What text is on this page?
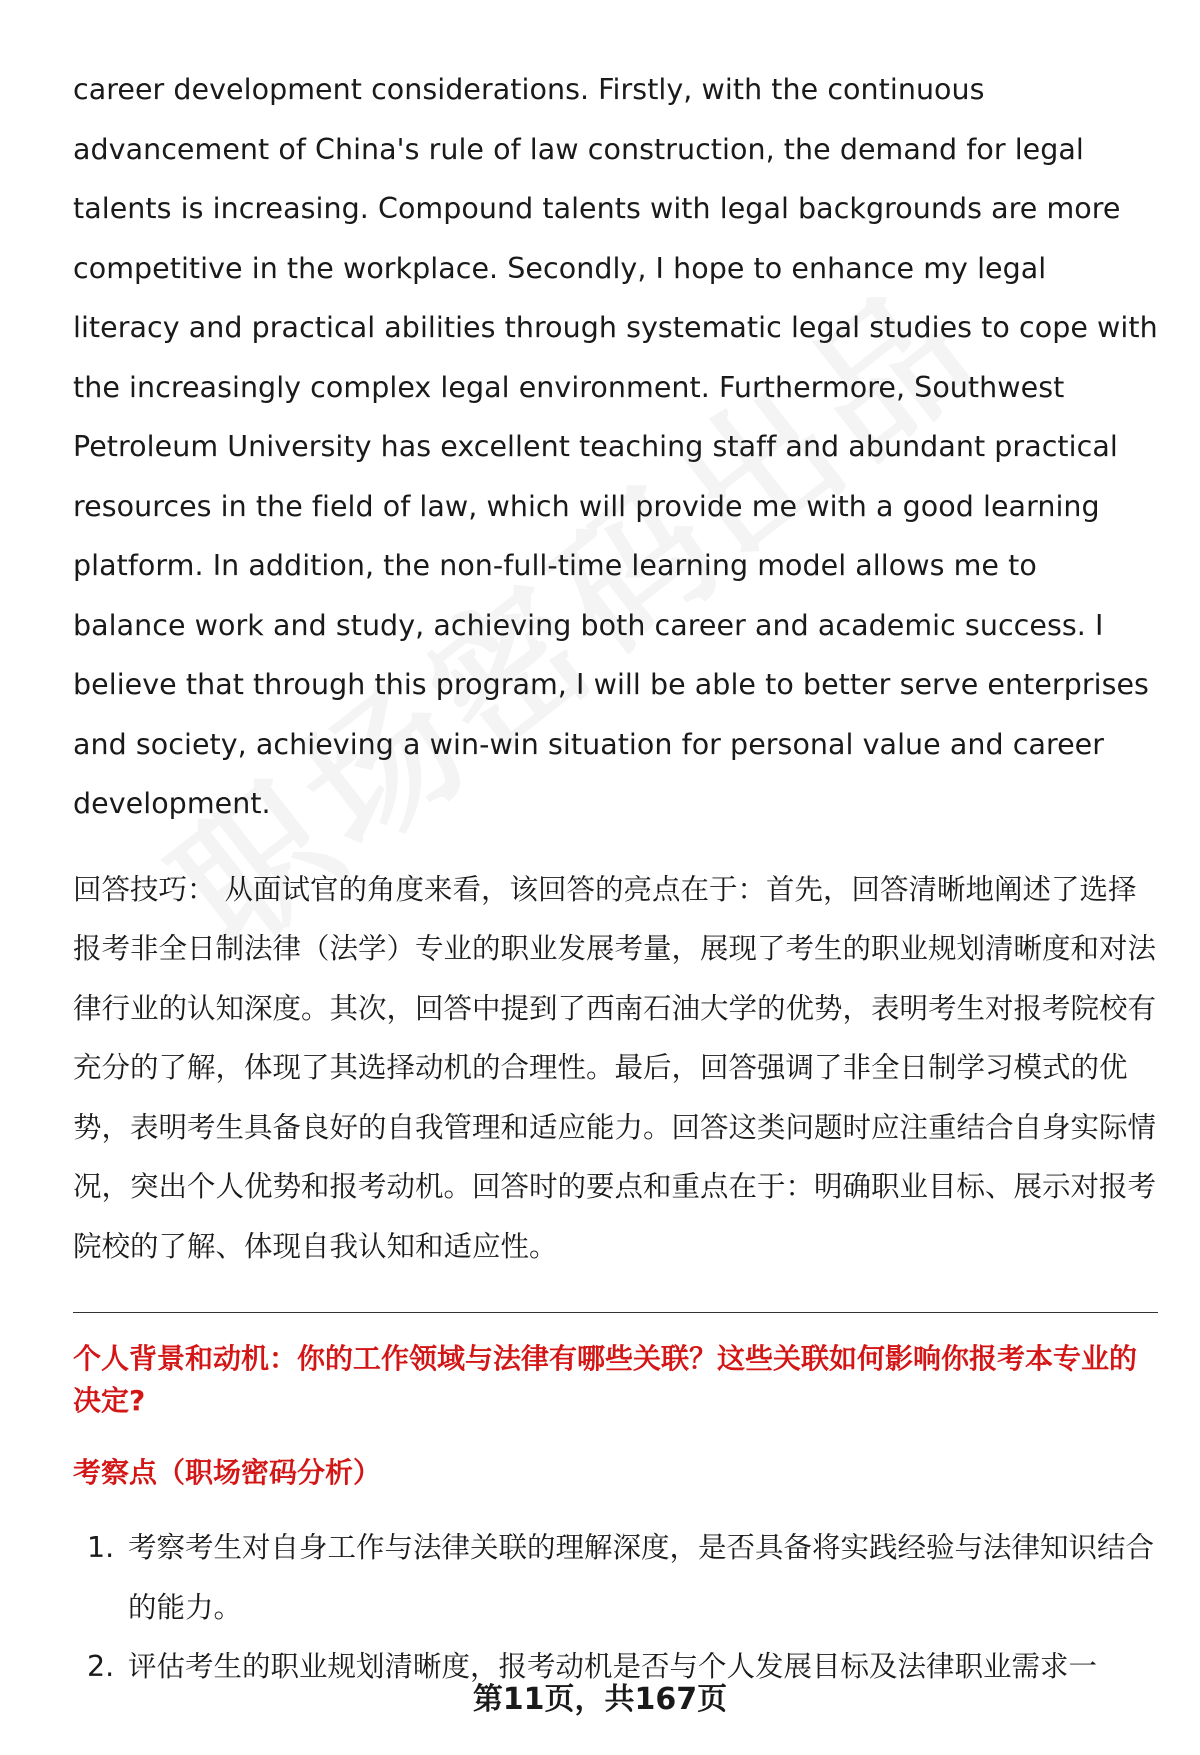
career development considerations. Firstly, with the continuous advancement of China's rule of law construction, the demand for legal talents is increasing. Compound talents with legal backgrounds are more competitive in the workplace. Secondly, I hope to enhance my legal literacy and practical abilities through systematic legal studies to cope with the increasingly complex legal environment. Furthermore, Southwest Petroleum University has excellent teaching staff and abundant practical resources in the field of law, which will provide me with a good learning platform. In addition, the non-full-time learning model allows me to balance work and study, achieving both career and academic success. I believe that through this program, I will be able to better serve enterprises and society, achieving a win-win situation for personal value and career development.

回答技巧： 从面试官的角度来看，该回答的亮点在于：首先，回答清晰地阐述了选择报考非全日制法律（法学）专业的职业发展考量，展现了考生的职业规划清晰度和对法律行业的认知深度。其次，回答中提到了西南石油大学的优势，表明考生对报考院校有充分的了解，体现了其选择动机的合理性。最后，回答强调了非全日制学习模式的优势，表明考生具备良好的自我管理和适应能力。回答这类问题时应注重结合自身实际情况，突出个人优势和报考动机。回答时的要点和重点在于：明确职业目标、展示对报考院校的了解、体现自我认知和适应性。

个人背景和动机：你的工作领域与法律有哪些关联？这些关联如何影响你报考本专业的决定?

考察点（职场密码分析）

1. 考察考生对自身工作与法律关联的理解深度，是否具备将实践经验与法律知识结合的能力。
2. 评估考生的职业规划清晰度，报考动机是否与个人发展目标及法律职业需求一
第11页，共167页
